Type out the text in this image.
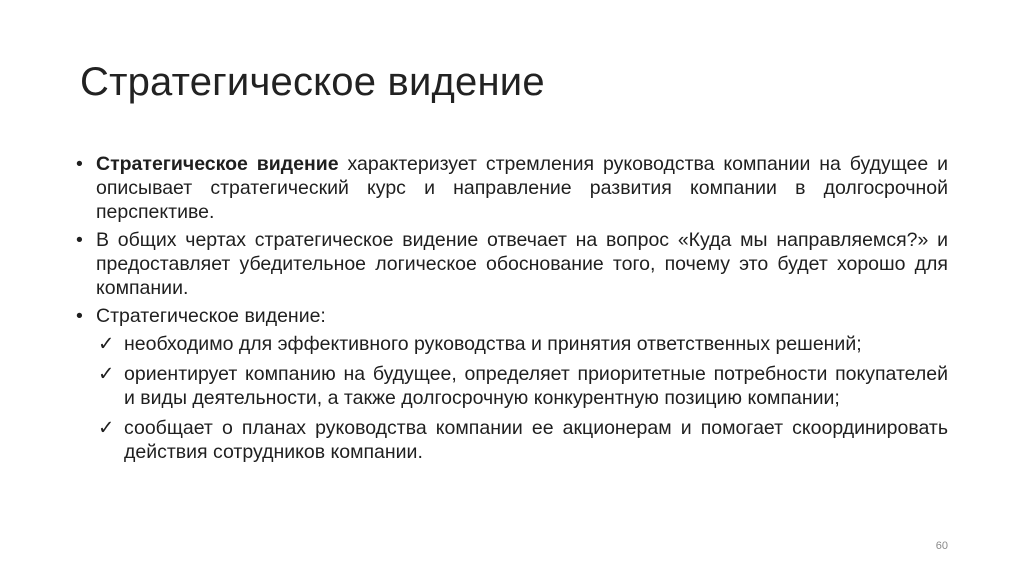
Стратегическое видение

• Стратегическое видение характеризует стремления руководства компании на будущее и описывает стратегический курс и направление развития компании в долгосрочной перспективе.

• В общих чертах стратегическое видение отвечает на вопрос «Куда мы направляемся?» и предоставляет убедительное логическое обоснование того, почему это будет хорошо для компании.

• Стратегическое видение:

✓ необходимо для эффективного руководства и принятия ответственных решений;

✓ ориентирует компанию на будущее, определяет приоритетные потребности покупателей и виды деятельности, а также долгосрочную конкурентную позицию компании;

✓ сообщает о планах руководства компании ее акционерам и помогает скоординировать действия сотрудников компании.

60
